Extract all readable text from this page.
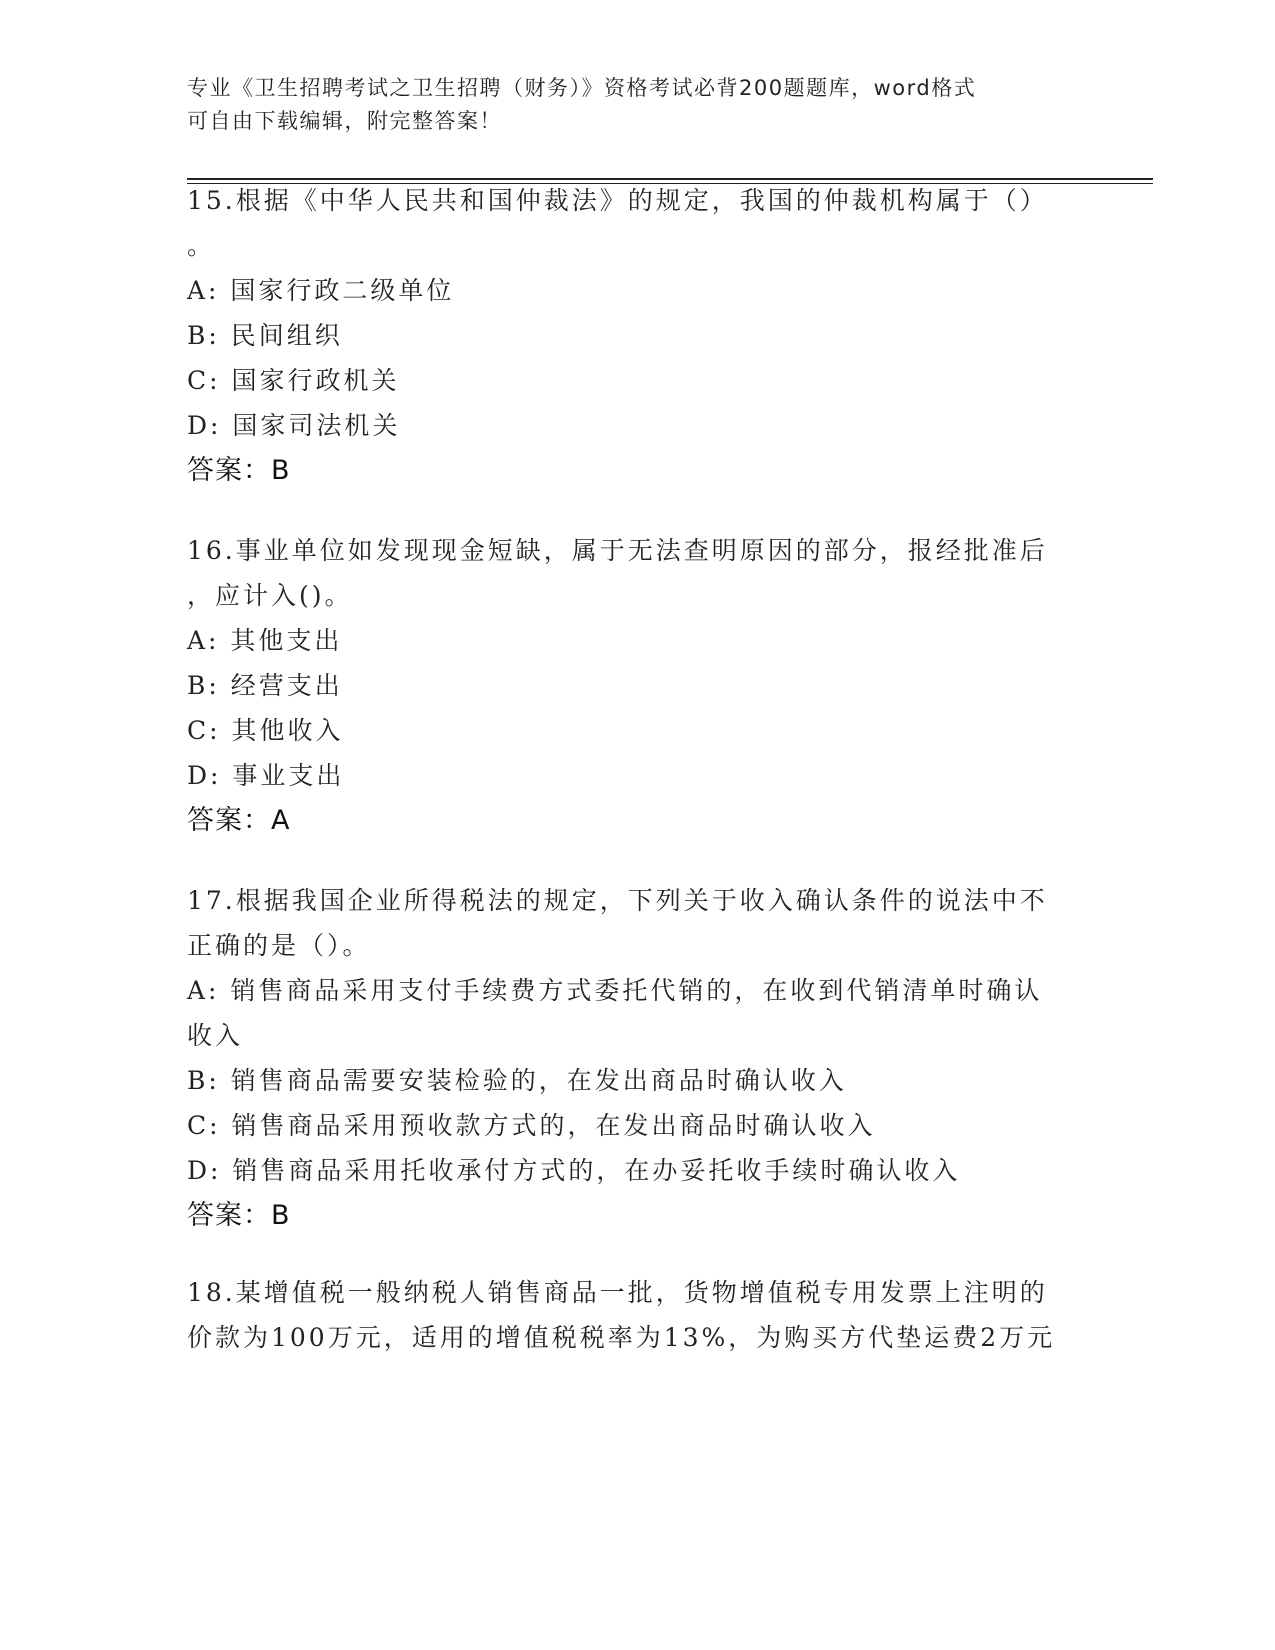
专业《卫生招聘考试之卫生招聘（财务）》资格考试必背200题题库，word格式
可自由下载编辑，附完整答案！
15.根据《中华人民共和国仲裁法》的规定，我国的仲裁机构属于（）
。
A: 国家行政二级单位
B: 民间组织
C: 国家行政机关
D: 国家司法机关
答案：B
16.事业单位如发现现金短缺，属于无法查明原因的部分，报经批准后
，应计入()。
A: 其他支出
B: 经营支出
C: 其他收入
D: 事业支出
答案：A
17.根据我国企业所得税法的规定，下列关于收入确认条件的说法中不
正确的是（）。
A: 销售商品采用支付手续费方式委托代销的，在收到代销清单时确认
收入
B: 销售商品需要安装检验的，在发出商品时确认收入
C: 销售商品采用预收款方式的，在发出商品时确认收入
D: 销售商品采用托收承付方式的，在办妥托收手续时确认收入
答案：B
18.某增值税一般纳税人销售商品一批，货物增值税专用发票上注明的
价款为100万元，适用的增值税税率为13%，为购买方代垫运费2万元
